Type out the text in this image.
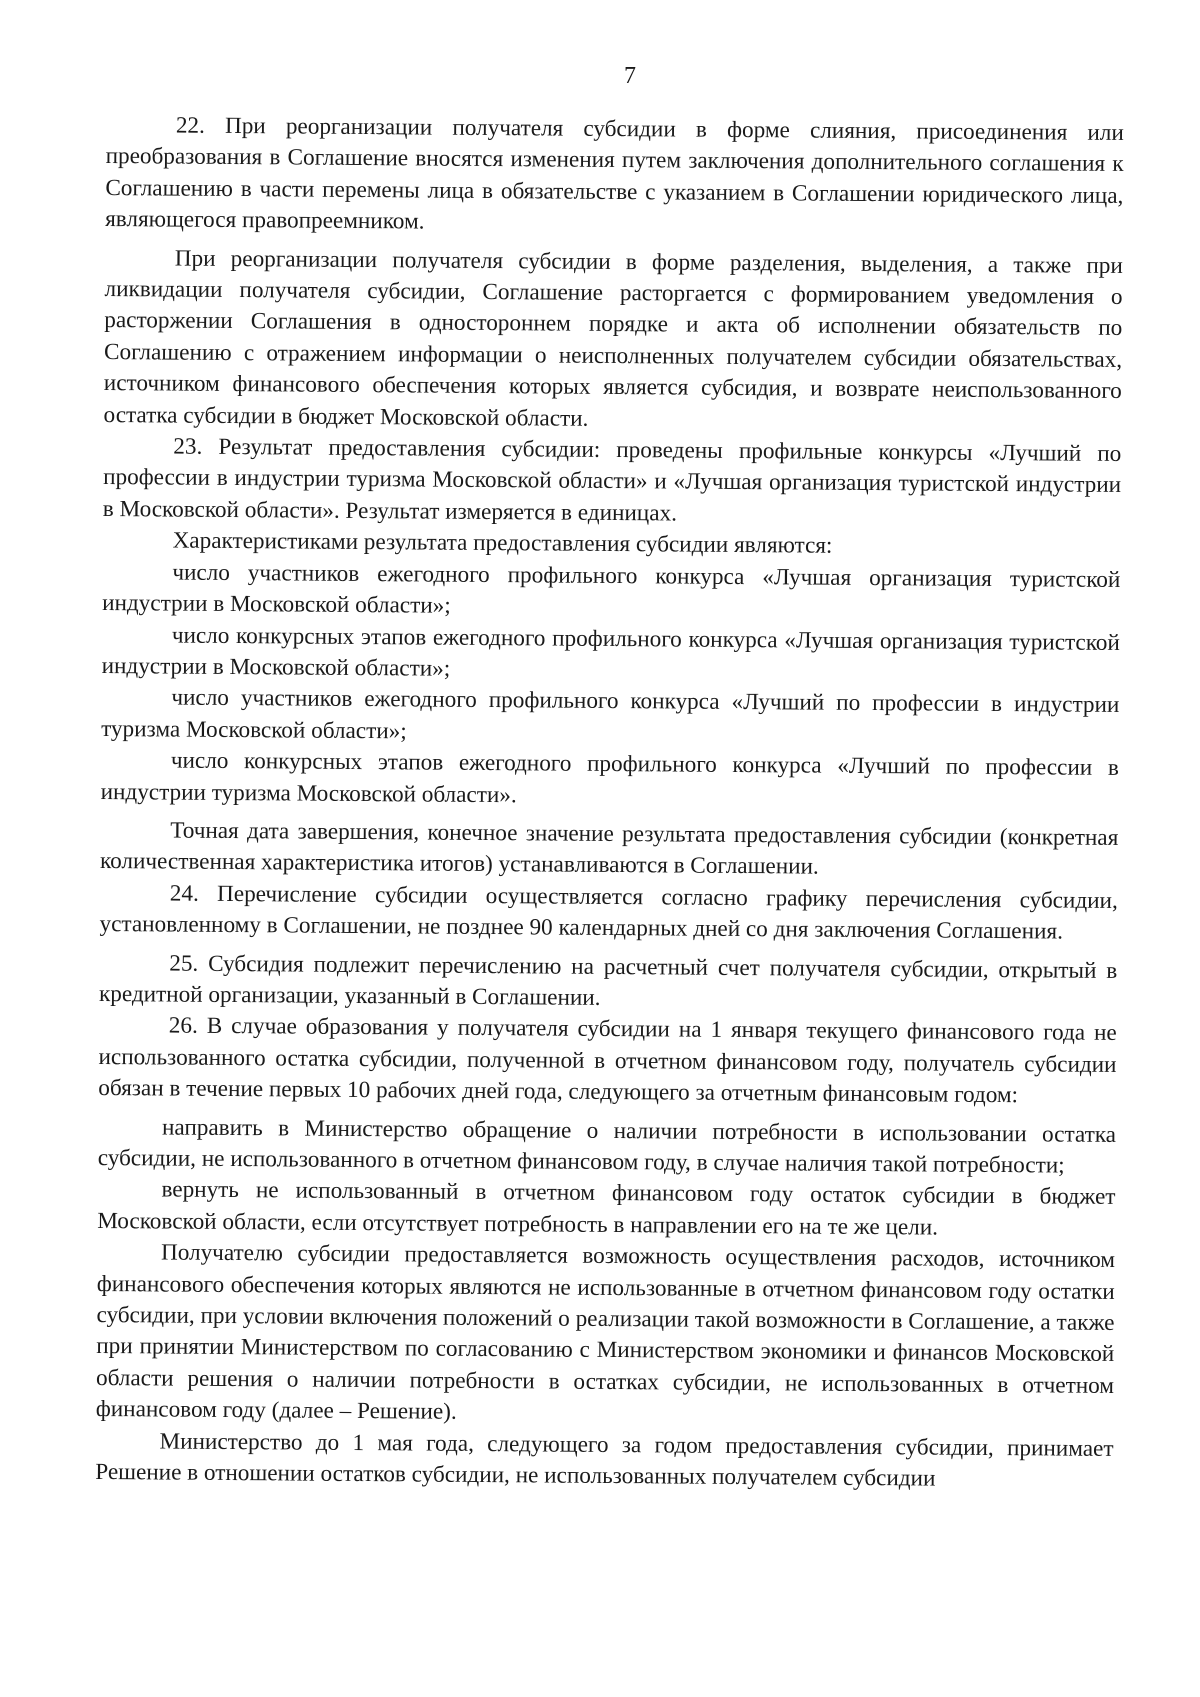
7

22. При реорганизации получателя субсидии в форме слияния, присоединения или преобразования в Соглашение вносятся изменения путем заключения дополнительного соглашения к Соглашению в части перемены лица в обязательстве с указанием в Соглашении юридического лица, являющегося правопреемником.

При реорганизации получателя субсидии в форме разделения, выделения, а также при ликвидации получателя субсидии, Соглашение расторгается с формированием уведомления о расторжении Соглашения в одностороннем порядке и акта об исполнении обязательств по Соглашению с отражением информации о неисполненных получателем субсидии обязательствах, источником финансового обеспечения которых является субсидия, и возврате неиспользованного остатка субсидии в бюджет Московской области.

23. Результат предоставления субсидии: проведены профильные конкурсы «Лучший по профессии в индустрии туризма Московской области» и «Лучшая организация туристской индустрии в Московской области». Результат измеряется в единицах.

Характеристиками результата предоставления субсидии являются:

число участников ежегодного профильного конкурса «Лучшая организация туристской индустрии в Московской области»;

число конкурсных этапов ежегодного профильного конкурса «Лучшая организация туристской индустрии в Московской области»;

число участников ежегодного профильного конкурса «Лучший по профессии в индустрии туризма Московской области»;

число конкурсных этапов ежегодного профильного конкурса «Лучший по профессии в индустрии туризма Московской области».

Точная дата завершения, конечное значение результата предоставления субсидии (конкретная количественная характеристика итогов) устанавливаются в Соглашении.

24. Перечисление субсидии осуществляется согласно графику перечисления субсидии, установленному в Соглашении, не позднее 90 календарных дней со дня заключения Соглашения.

25. Субсидия подлежит перечислению на расчетный счет получателя субсидии, открытый в кредитной организации, указанный в Соглашении.

26. В случае образования у получателя субсидии на 1 января текущего финансового года не использованного остатка субсидии, полученной в отчетном финансовом году, получатель субсидии обязан в течение первых 10 рабочих дней года, следующего за отчетным финансовым годом:

направить в Министерство обращение о наличии потребности в использовании остатка субсидии, не использованного в отчетном финансовом году, в случае наличия такой потребности;

вернуть не использованный в отчетном финансовом году остаток субсидии в бюджет Московской области, если отсутствует потребность в направлении его на те же цели.

Получателю субсидии предоставляется возможность осуществления расходов, источником финансового обеспечения которых являются не использованные в отчетном финансовом году остатки субсидии, при условии включения положений о реализации такой возможности в Соглашение, а также при принятии Министерством по согласованию с Министерством экономики и финансов Московской области решения о наличии потребности в остатках субсидии, не использованных в отчетном финансовом году (далее – Решение).

Министерство до 1 мая года, следующего за годом предоставления субсидии, принимает Решение в отношении остатков субсидии, не использованных получателем субсидии
